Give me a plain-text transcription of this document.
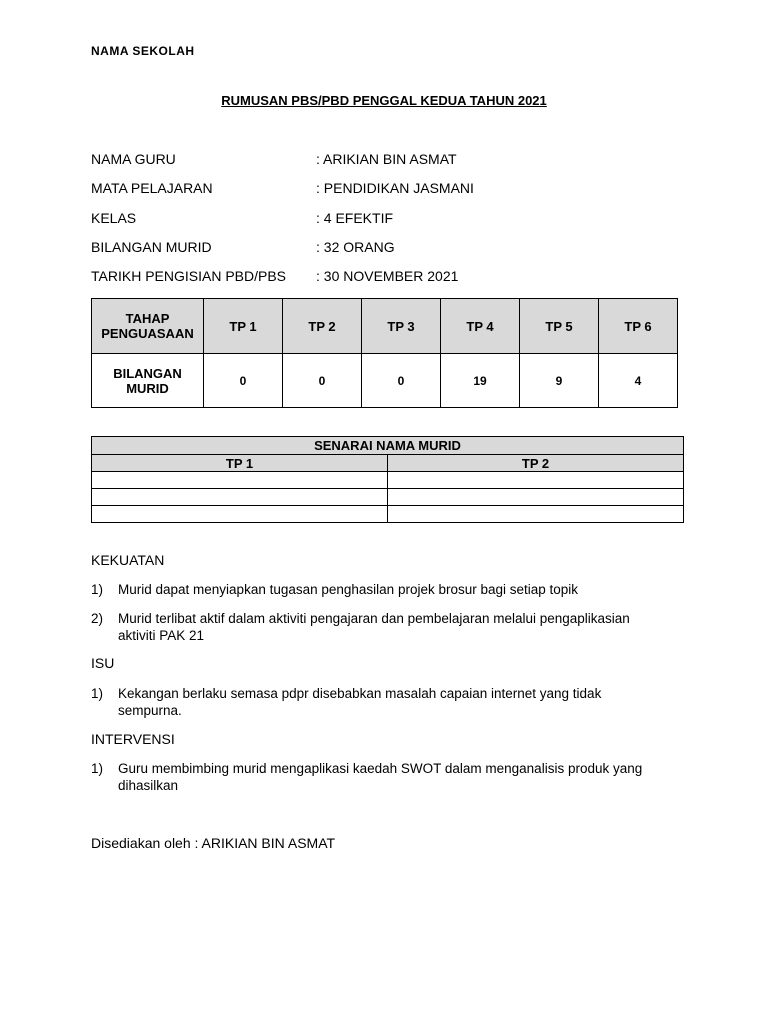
NAMA SEKOLAH
RUMUSAN PBS/PBD PENGGAL KEDUA TAHUN 2021
NAMA GURU	: ARIKIAN BIN ASMAT
MATA PELAJARAN	: PENDIDIKAN JASMANI
KELAS	: 4 EFEKTIF
BILANGAN MURID	: 32 ORANG
TARIKH PENGISIAN PBD/PBS : 30 NOVEMBER 2021
TAHAP PENGUASAAN	TP 1	TP 2	TP 3	TP 4	TP 5	TP 6
BILANGAN MURID	0	0	0	19	9	4
SENARAI NAMA MURID	
TP 1	TP 2

KEKUATAN
1) Murid dapat menyiapkan tugasan penghasilan projek brosur bagi setiap topik
2) Murid terlibat aktif dalam aktiviti pengajaran dan pembelajaran melalui pengaplikasian aktiviti PAK 21
ISU
1) Kekangan berlaku semasa pdpr disebabkan masalah capaian internet yang tidak sempurna.
INTERVENSI
1) Guru membimbing murid mengaplikasi kaedah SWOT dalam menganalisis produk yang dihasilkan
Disediakan oleh : ARIKIAN BIN ASMAT
